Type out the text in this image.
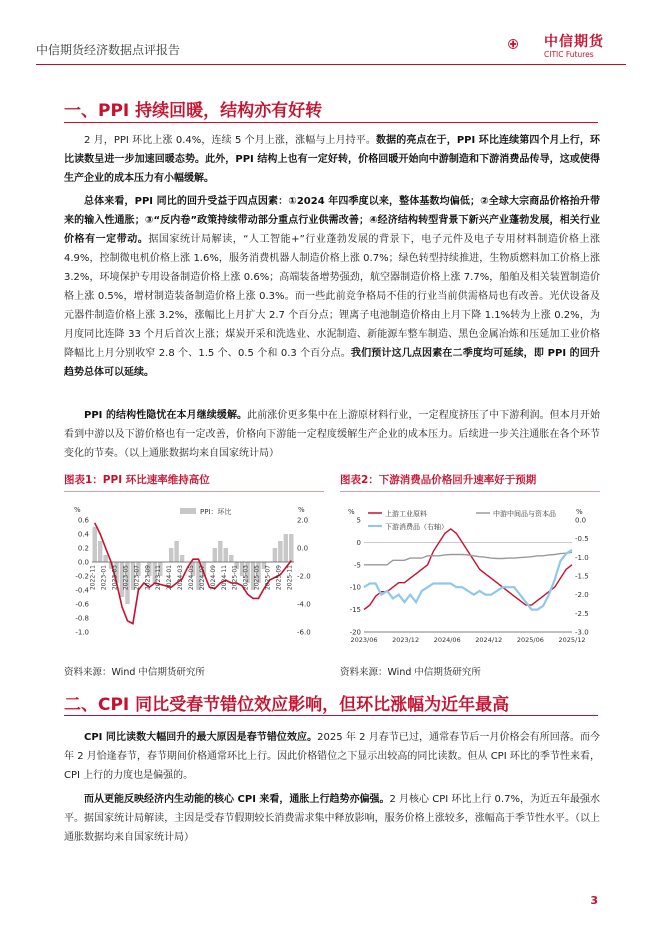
中信期货经济数据点评报告	中信期货
CITIC Futures
一、PPI 持续回暖，结构亦有好转
2 月，PPI 环比上涨 0.4%，连续 5 个月上涨，涨幅与上月持平。数据的亮点在于，PPI 环比连续第四个月上行，环比读数呈进一步加速回暖态势。此外，PPI 结构上也有一定好转，价格回暖开始向中游制造和下游消费品传导，这或使得生产企业的成本压力有小幅缓解。
总体来看，PPI 同比的回升受益于四点因素：①2024 年四季度以来，整体基数均偏低；②全球大宗商品价格抬升带来的输入性通胀；③“反内卷”政策持续带动部分重点行业供需改善；④经济结构转型背景下新兴产业蓬勃发展，相关行业价格有一定带动。据国家统计局解读，“人工智能+”行业蓬勃发展的背景下，电子元件及电子专用材料制造价格上涨 4.9%，控制微电机价格上涨 1.6%，服务消费机器人制造价格上涨 0.7%；绿色转型持续推进，生物质燃料加工价格上涨 3.2%，环境保护专用设备制造价格上涨 0.6%；高端装备增势强劲，航空器制造价格上涨 7.7%，船舶及相关装置制造价格上涨 0.5%，增材制造装备制造价格上涨 0.3%。而一些此前竞争格局不佳的行业当前供需格局也有改善。光伏设备及元器件制造价格上涨 3.2%，涨幅比上月扩大 2.7 个百分点；锂离子电池制造价格由上月下降 1.1%转为上涨 0.2%，为月度同比连降 33 个月后首次上涨；煤炭开采和洗选业、水泥制造、新能源车整车制造、黑色金属冶炼和压延加工业价格降幅比上月分别收窄 2.8 个、1.5 个、0.5 个和 0.3 个百分点。我们预计这几点因素在二季度均可延续，即 PPI 的回升趋势总体可以延续。
PPI 的结构性隐忧在本月继续缓解。此前涨价更多集中在上游原材料行业，一定程度挤压了中下游利润。但本月开始看到中游以及下游价格也有一定改善，价格向下游能一定程度缓解生产企业的成本压力。后续进一步关注通胀在各个环节变化的节奏。（以上通胀数据均来自国家统计局）
图表1：PPI 环比速率维持高位
%	%
PPI：环比
0.6
0.4
0.2
0.0
-0.2
-0.4
-0.6
-0.8
-1.0
2.0
0.0
-2.0
-4.0
-6.0
2022-11 2023-01 2023-03 2023-05 2023-07 2023-09 2023-11 2024-01 2024-03 2024-05 2024-07 2024-09 2024-11 2025-01 2025-03 2025-05 2025-07 2025-09 2025-11
资料来源：Wind 中信期货研究所
图表2：下游消费品价格回升速率好于预期
%	%
上游工业原料	中游中间品与资本品
下游消费品（右轴）
5
0
-5
-10
-15
-20
0.0
-0.5
-1.0
-1.5
-2.0
-2.5
-3.0
2023/06 2023/12 2024/06 2024/12 2025/06 2025/12
资料来源：Wind 中信期货研究所
二、CPI 同比受春节错位效应影响，但环比涨幅为近年最高
CPI 同比读数大幅回升的最大原因是春节错位效应。2025 年 2 月春节已过，通常春节后一月价格会有所回落。而今年 2 月恰逢春节，春节期间价格通常环比上行。因此价格错位之下显示出较高的同比读数。但从 CPI 环比的季节性来看，CPI 上行的力度也是偏强的。
而从更能反映经济内生动能的核心 CPI 来看，通胀上行趋势亦偏强。2 月核心 CPI 环比上行 0.7%，为近五年最强水平。据国家统计局解读，主因是受春节假期较长消费需求集中释放影响，服务价格上涨较多，涨幅高于季节性水平。（以上通胀数据均来自国家统计局）
3
